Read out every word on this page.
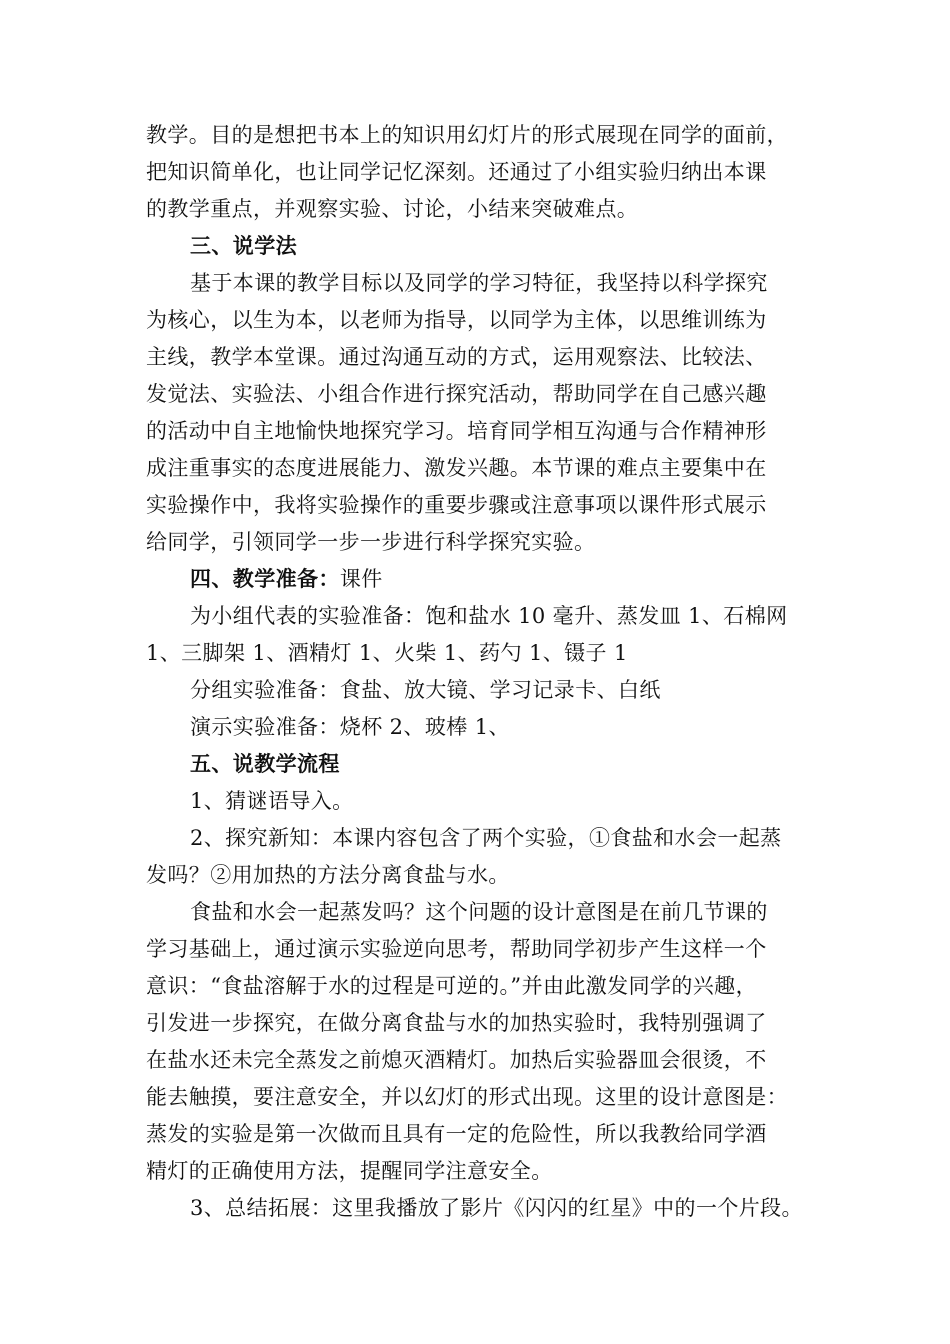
教学。目的是想把书本上的知识用幻灯片的形式展现在同学的面前，
把知识简单化，也让同学记忆深刻。还通过了小组实验归纳出本课
的教学重点，并观察实验、讨论，小结来突破难点。
三、说学法
基于本课的教学目标以及同学的学习特征，我坚持以科学探究
为核心，以生为本，以老师为指导，以同学为主体，以思维训练为
主线，教学本堂课。通过沟通互动的方式，运用观察法、比较法、
发觉法、实验法、小组合作进行探究活动，帮助同学在自己感兴趣
的活动中自主地愉快地探究学习。培育同学相互沟通与合作精神形
成注重事实的态度进展能力、激发兴趣。本节课的难点主要集中在
实验操作中，我将实验操作的重要步骤或注意事项以课件形式展示
给同学，引领同学一步一步进行科学探究实验。
四、教学准备：课件
为小组代表的实验准备：饱和盐水 10 毫升、蒸发皿 1、石棉网
1、三脚架 1、酒精灯 1、火柴 1、药勺 1、镊子 1
分组实验准备：食盐、放大镜、学习记录卡、白纸
演示实验准备：烧杯 2、玻棒 1、
五、说教学流程
1、猜谜语导入。
2、探究新知：本课内容包含了两个实验，①食盐和水会一起蒸
发吗？②用加热的方法分离食盐与水。
食盐和水会一起蒸发吗？这个问题的设计意图是在前几节课的
学习基础上，通过演示实验逆向思考，帮助同学初步产生这样一个
意识：“食盐溶解于水的过程是可逆的。”并由此激发同学的兴趣，
引发进一步探究，在做分离食盐与水的加热实验时，我特别强调了
在盐水还未完全蒸发之前熄灭酒精灯。加热后实验器皿会很烫，不
能去触摸，要注意安全，并以幻灯的形式出现。这里的设计意图是：
蒸发的实验是第一次做而且具有一定的危险性，所以我教给同学酒
精灯的正确使用方法，提醒同学注意安全。
3、总结拓展：这里我播放了影片《闪闪的红星》中的一个片段。
